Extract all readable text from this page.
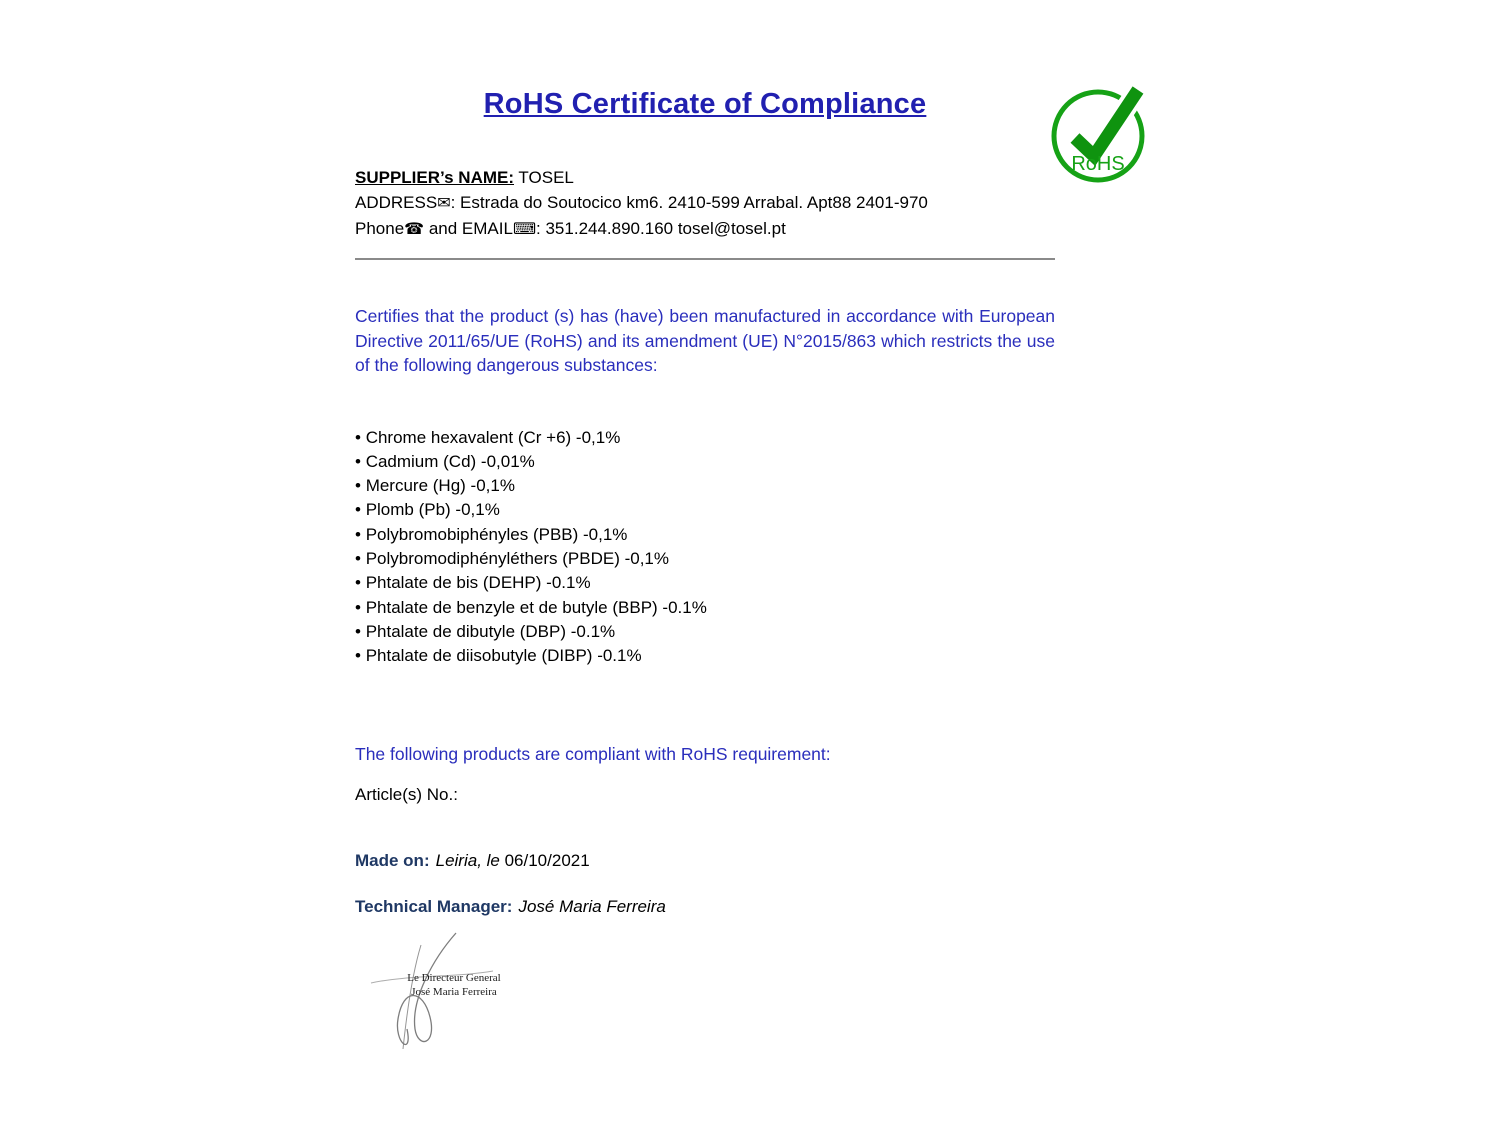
RoHS
RoHS Certificate of Compliance
SUPPLIER’s NAME: TOSEL
ADDRESS✉: Estrada do Soutocico km6. 2410-599 Arrabal. Apt88 2401-970
Phone☎ and EMAIL⌨: 351.244.890.160 tosel@tosel.pt

Certifies that the product (s) has (have) been manufactured in accordance with European Directive 2011/65/UE (RoHS) and its amendment (UE) N°2015/863 which restricts the use of the following dangerous substances:

• Chrome hexavalent (Cr +6) -0,1%
• Cadmium (Cd) -0,01%
• Mercure (Hg) -0,1%
• Plomb (Pb) -0,1%
• Polybromobiphényles (PBB) -0,1%
• Polybromodiphényléthers (PBDE) -0,1%
• Phtalate de bis (DEHP) -0.1%
• Phtalate de benzyle et de butyle (BBP) -0.1%
• Phtalate de dibutyle (DBP) -0.1%
• Phtalate de diisobutyle (DIBP) -0.1%

The following products are compliant with RoHS requirement:

Article(s) No.:

Made on: Leiria, le 06/10/2021

Technical Manager: José Maria Ferreira

Le Directeur General
José Maria Ferreira
